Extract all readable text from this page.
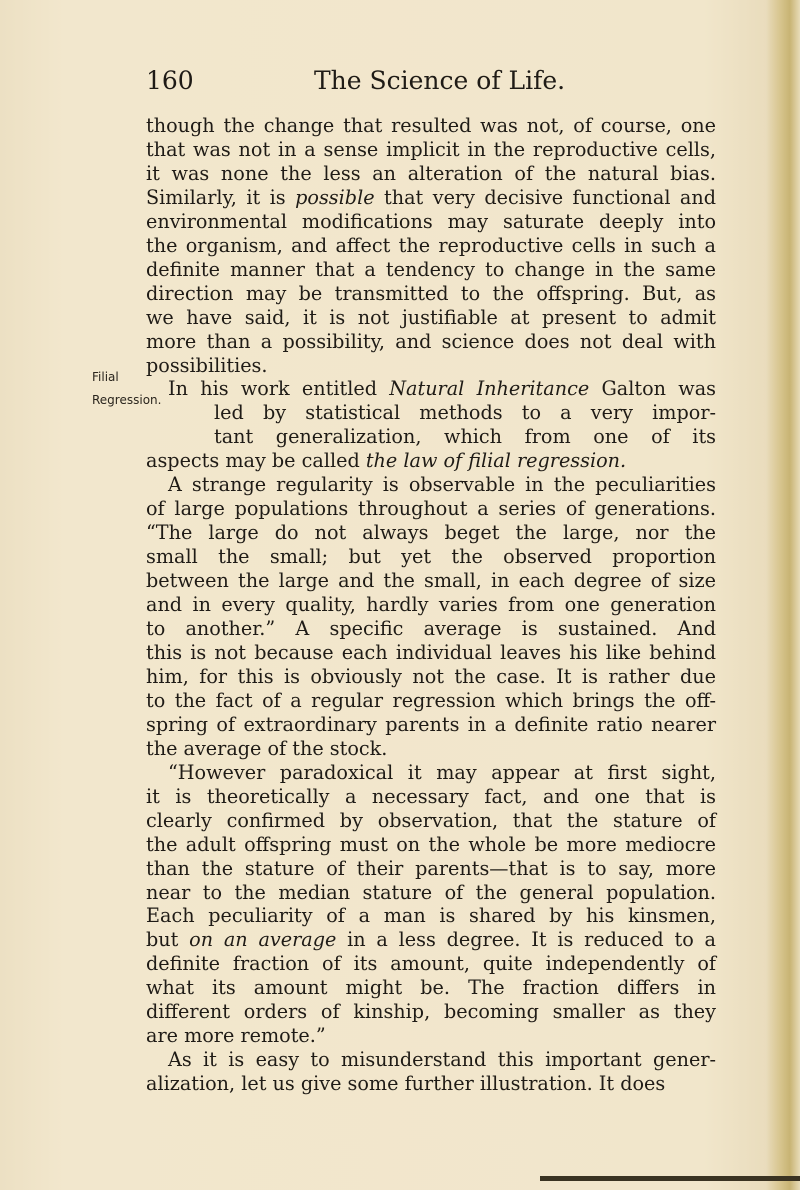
160	The Science of Life.
Filial
Regression.
though the change that resulted was not, of course, one
that was not in a sense implicit in the reproductive cells,
it was none the less an alteration of the natural bias.
Similarly, it is possible that very decisive functional and
environmental modifications may saturate deeply into
the organism, and affect the reproductive cells in such a
definite manner that a tendency to change in the same
direction may be transmitted to the offspring. But, as
we have said, it is not justifiable at present to admit
more than a possibility, and science does not deal with
possibilities.
In his work entitled Natural Inheritance Galton was
led by statistical methods to a very impor-
tant generalization, which from one of its
aspects may be called the law of filial regression.
A strange regularity is observable in the peculiarities
of large populations throughout a series of generations.
“The large do not always beget the large, nor the
small the small; but yet the observed proportion
between the large and the small, in each degree of size
and in every quality, hardly varies from one generation
to another.” A specific average is sustained. And
this is not because each individual leaves his like behind
him, for this is obviously not the case. It is rather due
to the fact of a regular regression which brings the off-
spring of extraordinary parents in a definite ratio nearer
the average of the stock.
“However paradoxical it may appear at first sight,
it is theoretically a necessary fact, and one that is
clearly confirmed by observation, that the stature of
the adult offspring must on the whole be more mediocre
than the stature of their parents—that is to say, more
near to the median stature of the general population.
Each peculiarity of a man is shared by his kinsmen,
but on an average in a less degree. It is reduced to a
definite fraction of its amount, quite independently of
what its amount might be. The fraction differs in
different orders of kinship, becoming smaller as they
are more remote.”
As it is easy to misunderstand this important gener-
alization, let us give some further illustration. It does
